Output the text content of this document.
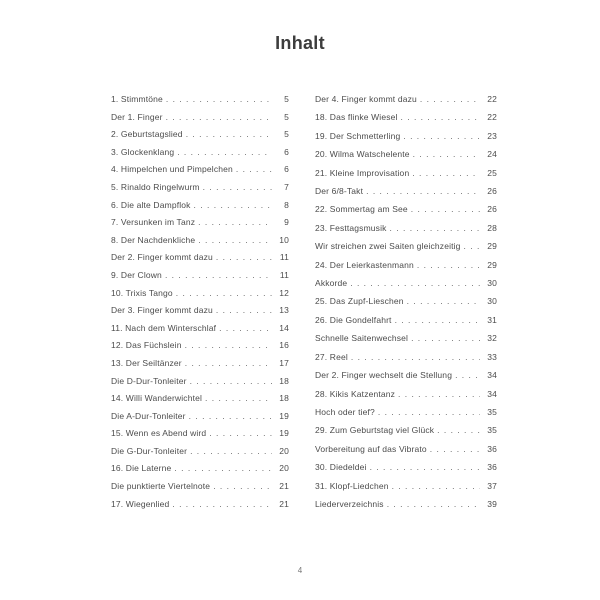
Inhalt
1. Stimmtöne . . .	5
Der 1. Finger . . .	5
2. Geburtstagslied . . .	5
3. Glockenklang . . .	6
4. Himpelchen und Pimpelchen . . .	6
5. Rinaldo Ringelwurm . . .	7
6. Die alte Dampflok . . .	8
7. Versunken im Tanz . . .	9
8. Der Nachdenkliche . . .	10
Der 2. Finger kommt dazu . . .	11
9. Der Clown . . .	11
10. Trixis Tango . . .	12
Der 3. Finger kommt dazu . . .	13
11. Nach dem Winterschlaf . . .	14
12. Das Füchslein . . .	16
13. Der Seiltänzer . . .	17
Die D-Dur-Tonleiter . . .	18
14. Willi Wanderwichtel . . .	18
Die A-Dur-Tonleiter . . .	19
15. Wenn es Abend wird . . .	19
Die G-Dur-Tonleiter . . .	20
16. Die Laterne . . .	20
Die punktierte Viertelnote . . .	21
17. Wiegenlied . . .	21
Der 4. Finger kommt dazu . . .	22
18. Das flinke Wiesel . . .	22
19. Der Schmetterling . . .	23
20. Wilma Watschelente . . .	24
21. Kleine Improvisation . . .	25
Der 6/8-Takt . . .	26
22. Sommertag am See . . .	26
23. Festtagsmusik . . .	28
Wir streichen zwei Saiten gleichzeitig . . .	29
24. Der Leierkastenmann . . .	29
Akkorde . . .	30
25. Das Zupf-Lieschen . . .	30
26. Die Gondelfahrt . . .	31
Schnelle Saitenwechsel . . .	32
27. Reel . . .	33
Der 2. Finger wechselt die Stellung . . .	34
28. Kikis Katzentanz . . .	34
Hoch oder tief? . . .	35
29. Zum Geburtstag viel Glück . . .	35
Vorbereitung auf das Vibrato . . .	36
30. Diedeldei . . .	36
31. Klopf-Liedchen . . .	37
Liederverzeichnis . . .	39
4
